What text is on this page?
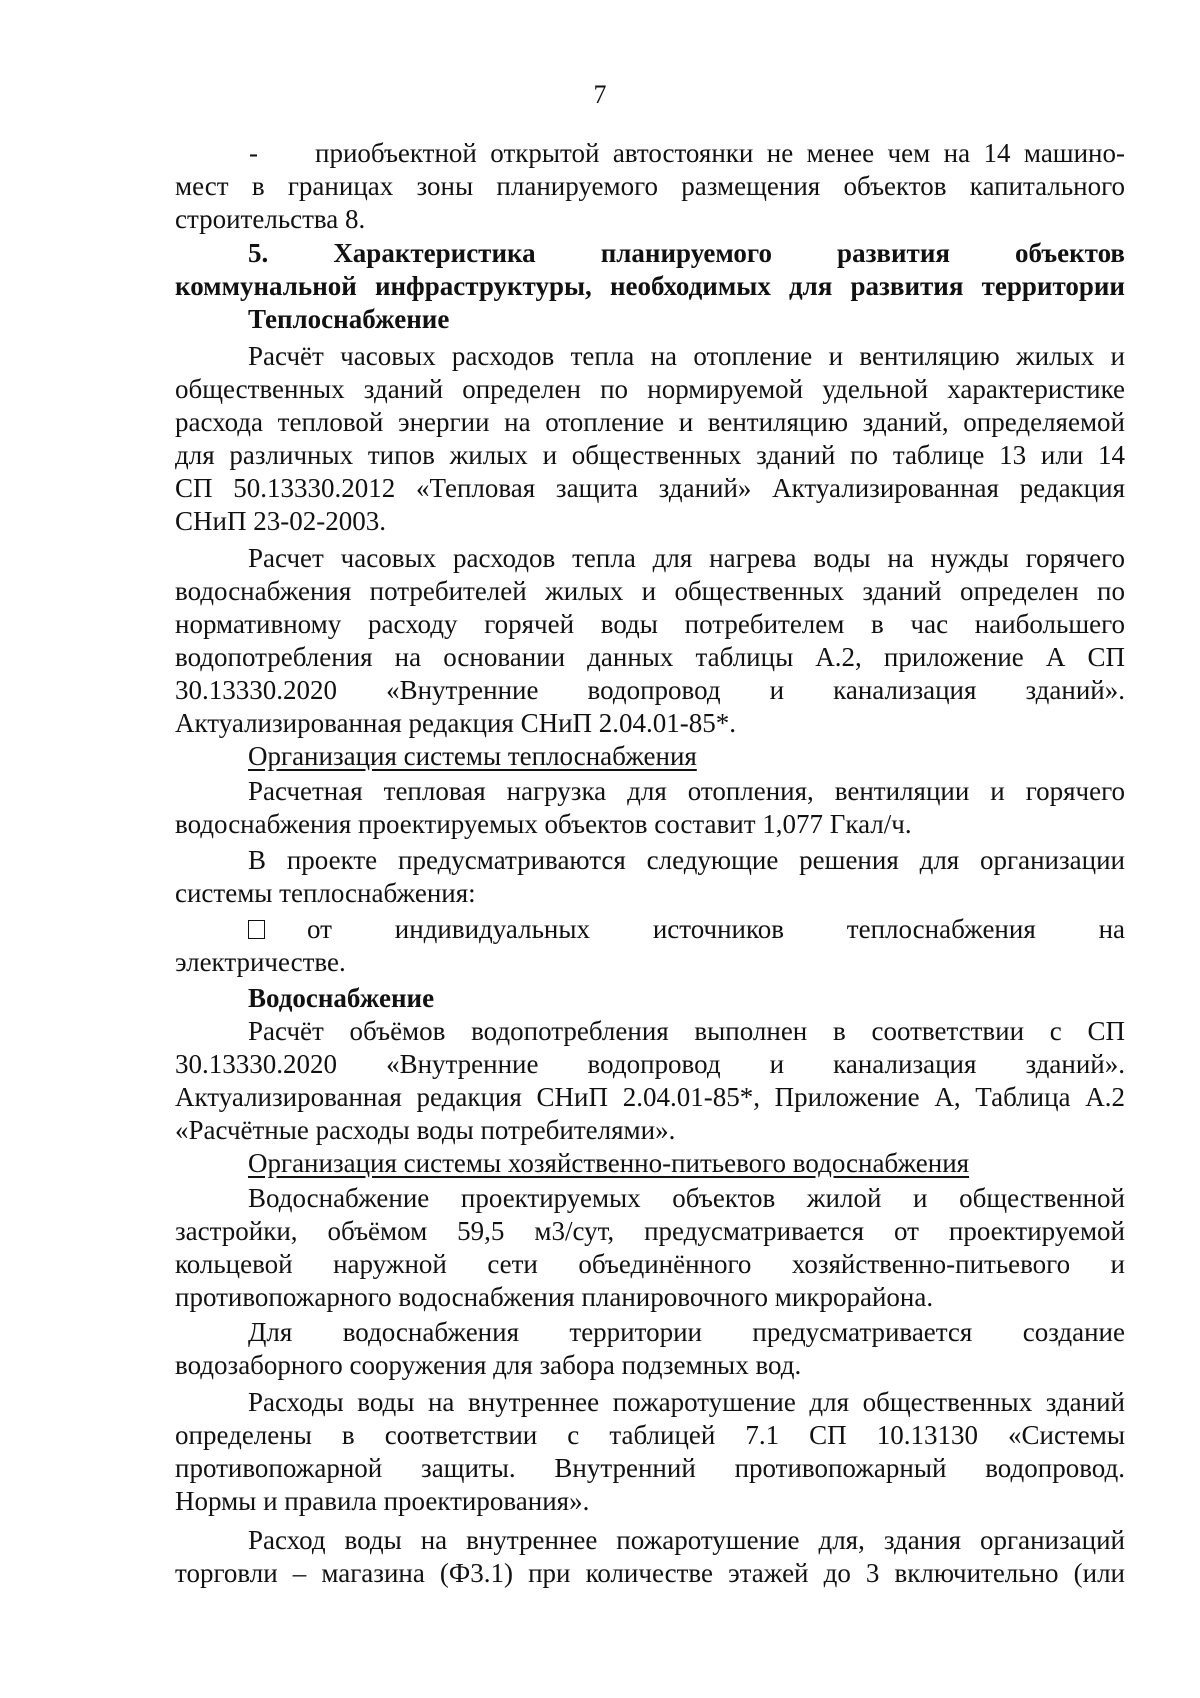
7
- приобъектной открытой автостоянки не менее чем на 14 машино-
мест в границах зоны планируемого размещения объектов капитального
строительства 8.
5. Характеристика планируемого развития объектов
коммунальной инфраструктуры, необходимых для развития территории
Теплоснабжение
Расчёт часовых расходов тепла на отопление и вентиляцию жилых и
общественных зданий определен по нормируемой удельной характеристике
расхода тепловой энергии на отопление и вентиляцию зданий, определяемой
для различных типов жилых и общественных зданий по таблице 13 или 14
СП 50.13330.2012 «Тепловая защита зданий» Актуализированная редакция
СНиП 23-02-2003.
Расчет часовых расходов тепла для нагрева воды на нужды горячего
водоснабжения потребителей жилых и общественных зданий определен по
нормативному расходу горячей воды потребителем в час наибольшего
водопотребления на основании данных таблицы А.2, приложение А СП
30.13330.2020 «Внутренние водопровод и канализация зданий».
Актуализированная редакция СНиП 2.04.01-85*.
Организация системы теплоснабжения
Расчетная тепловая нагрузка для отопления, вентиляции и горячего
водоснабжения проектируемых объектов составит 1,077 Гкал/ч.
В проекте предусматриваются следующие решения для организации
системы теплоснабжения:
от индивидуальных источников теплоснабжения на
электричестве.
Водоснабжение
Расчёт объёмов водопотребления выполнен в соответствии с СП
30.13330.2020 «Внутренние водопровод и канализация зданий».
Актуализированная редакция СНиП 2.04.01-85*, Приложение А, Таблица А.2
«Расчётные расходы воды потребителями».
Организация системы хозяйственно-питьевого водоснабжения
Водоснабжение проектируемых объектов жилой и общественной
застройки, объёмом 59,5 м3/сут, предусматривается от проектируемой
кольцевой наружной сети объединённого хозяйственно-питьевого и
противопожарного водоснабжения планировочного микрорайона.
Для водоснабжения территории предусматривается создание
водозаборного сооружения для забора подземных вод.
Расходы воды на внутреннее пожаротушение для общественных зданий
определены в соответствии с таблицей 7.1 СП 10.13130 «Системы
противопожарной защиты. Внутренний противопожарный водопровод.
Нормы и правила проектирования».
Расход воды на внутреннее пожаротушение для, здания организаций
торговли – магазина (Ф3.1) при количестве этажей до 3 включительно (или
